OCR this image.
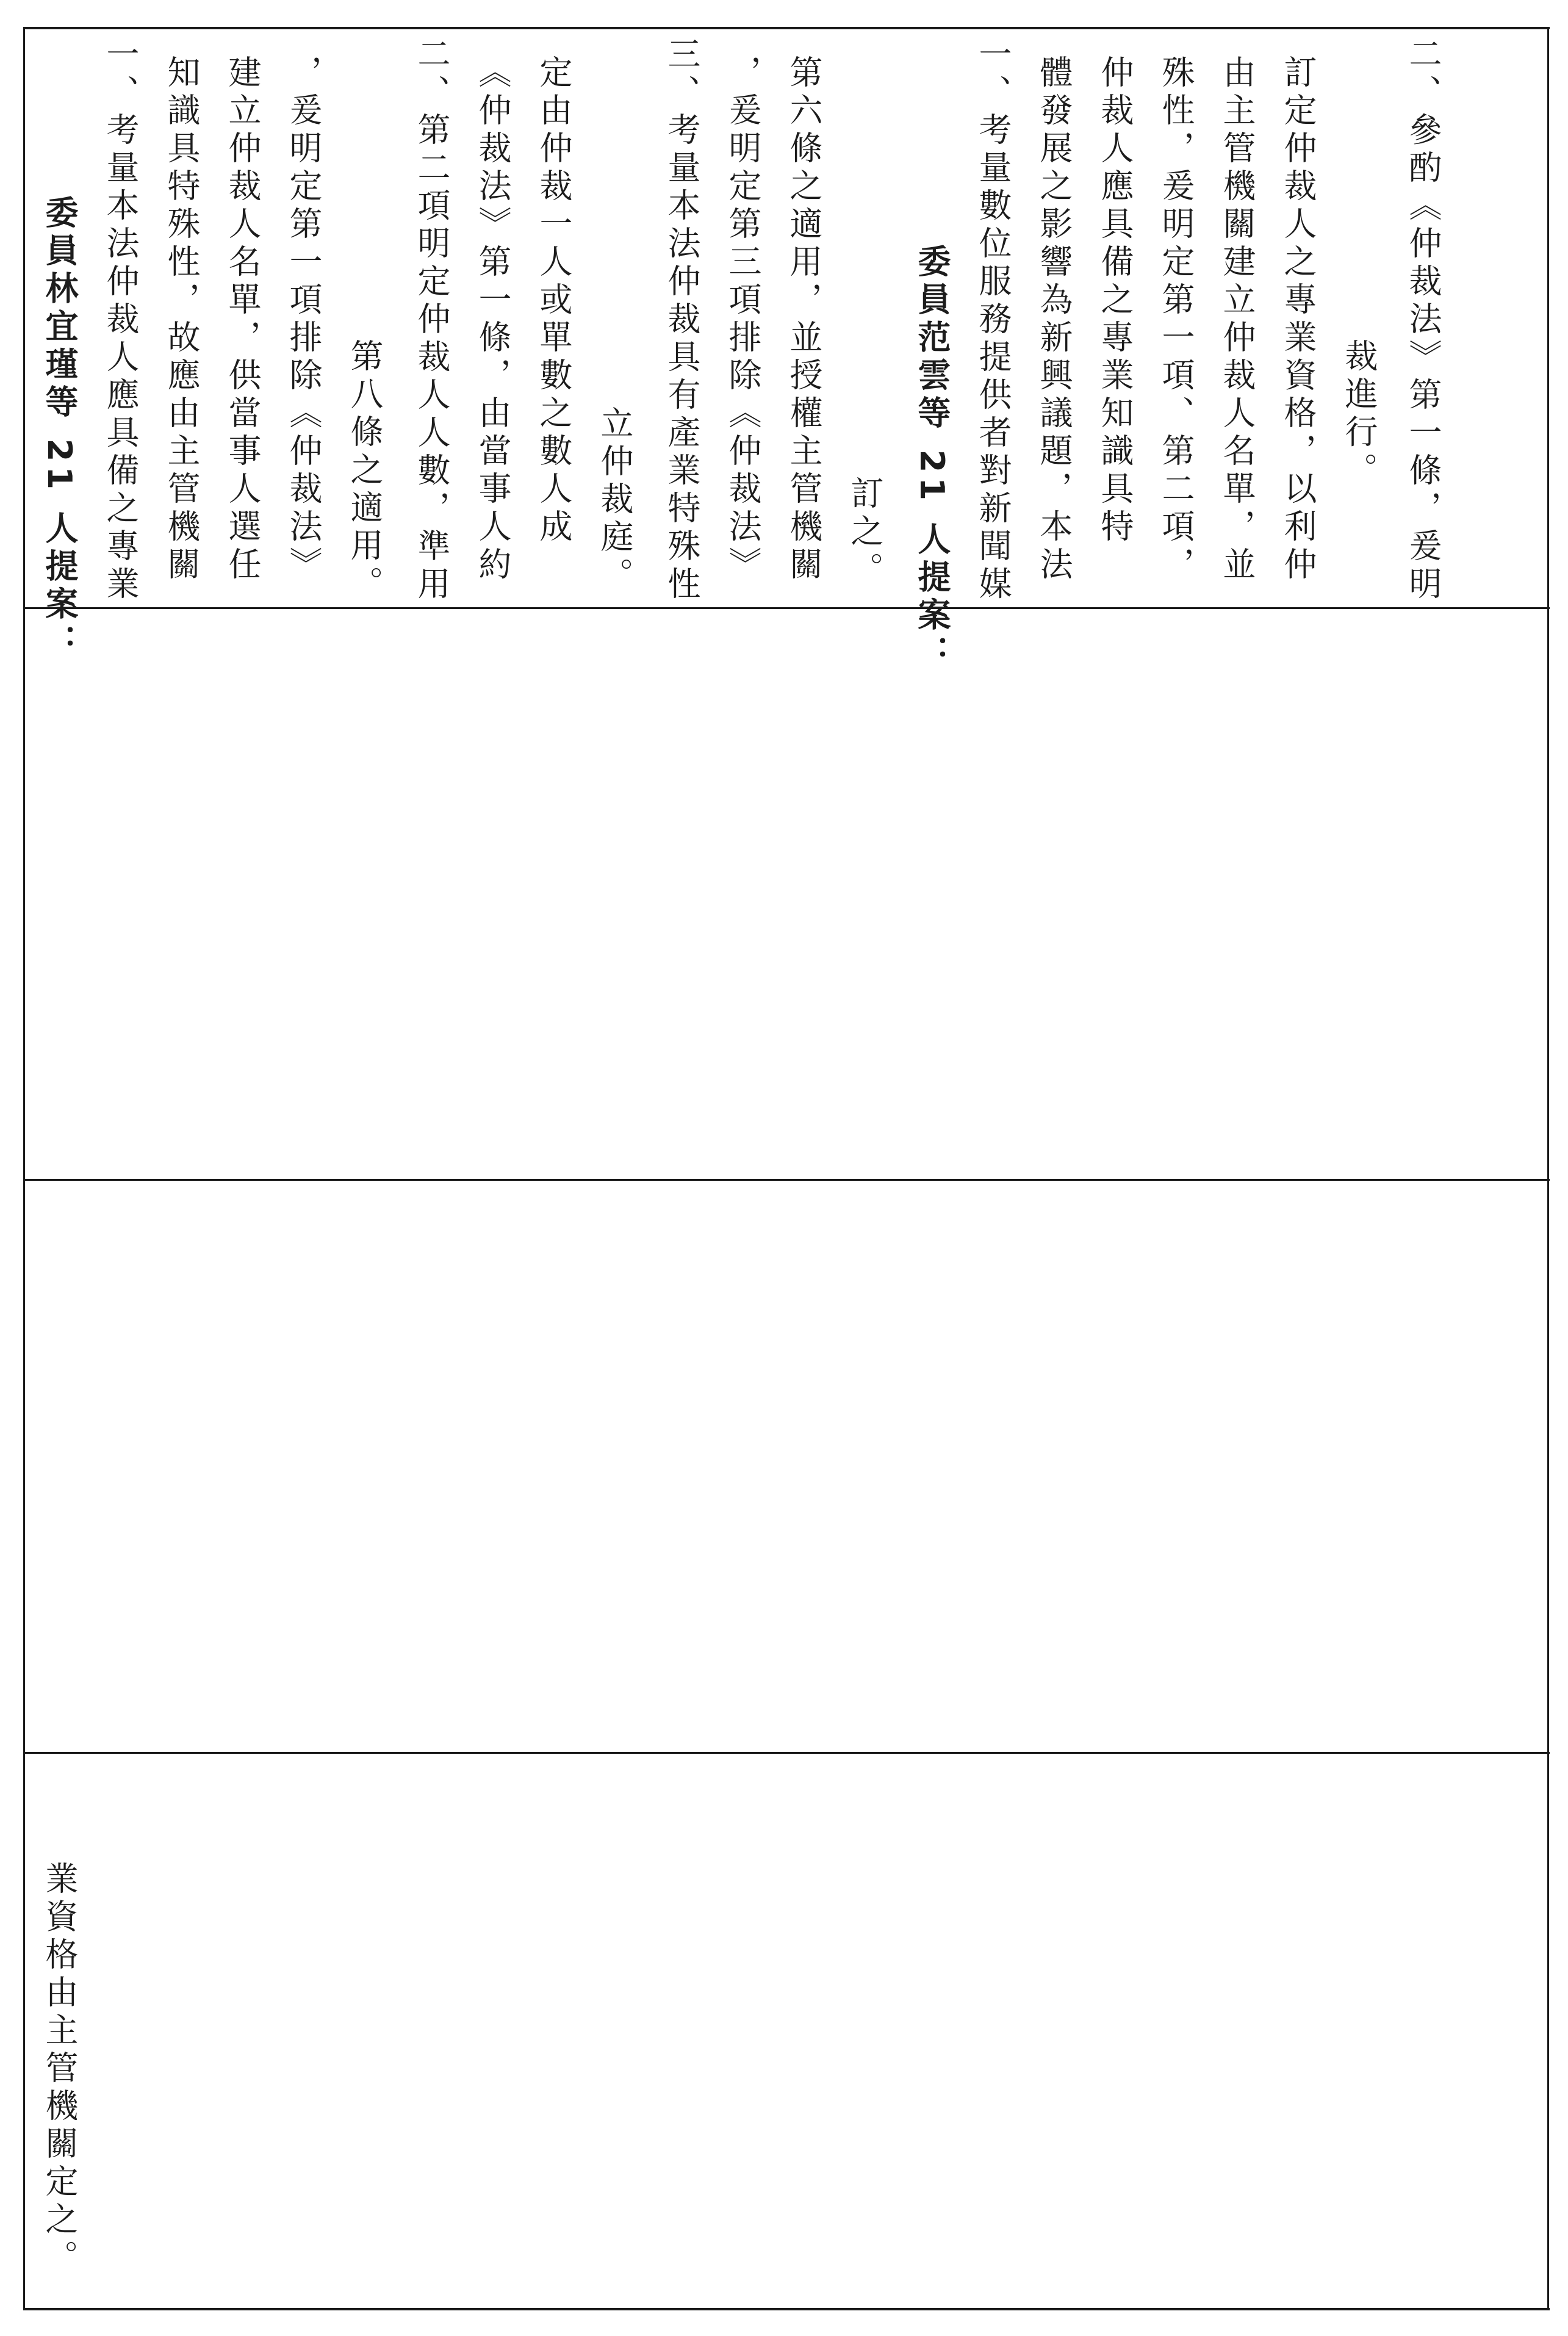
委員林宜瑾等 21 人提案： 一、考量本法仲裁人應具備之專業 知識具特殊性，故應由主管機關 建立仲裁人名單，供當事人選任 ，爰明定第一項排除《仲裁法》 第八條之適用。 二、第二項明定仲裁人人數，準用 《仲裁法》第一條，由當事人約 定由仲裁一人或單數之數人成 立仲裁庭。 三、考量本法仲裁具有產業特殊性 ，爰明定第三項排除《仲裁法》 第六條之適用，並授權主管機關 訂之。 委員范雲等 21 人提案： 一、考量數位服務提供者對新聞媒 體發展之影響為新興議題，本法 仲裁人應具備之專業知識具特 殊性，爰明定第一項、第二項， 由主管機關建立仲裁人名單，並 訂定仲裁人之專業資格，以利仲 裁進行。 二、參酌《仲裁法》第一條，爰明
業資格由主管機關定之。
